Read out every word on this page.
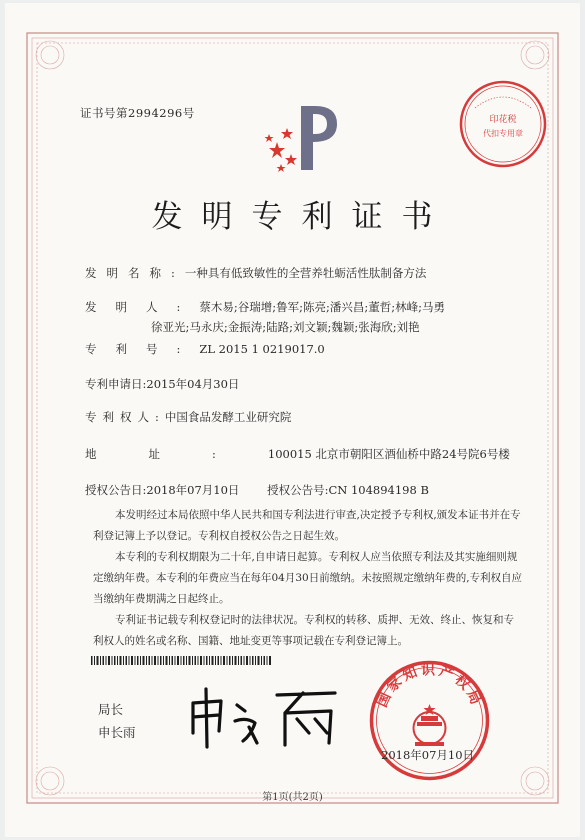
证书号第2994296号	印花税
代扣专用章
发明专利证书
发明名称:一种具有低致敏性的全营养牡蛎活性肽制备方法
发明人:蔡木易;谷瑞增;鲁军;陈亮;潘兴昌;董哲;林峰;马勇
徐亚光;马永庆;金振涛;陆路;刘文颖;魏颖;张海欣;刘艳
专利号:ZL 2015 1 0219017.0
专利申请日:2015年04月30日
专利权人:中国食品发酵工业研究院
地址:100015 北京市朝阳区酒仙桥中路24号院6号楼
授权公告日:2018年07月10日 授权公告号:CN 104894198 B

本发明经过本局依照中华人民共和国专利法进行审查,决定授予专利权,颁发本证书并在专利登记簿上予以登记。专利权自授权公告之日起生效。

本专利的专利权期限为二十年,自申请日起算。专利权人应当依照专利法及其实施细则规定缴纳年费。本专利的年费应当在每年04月30日前缴纳。未按照规定缴纳年费的,专利权自应当缴纳年费期满之日起终止。

专利证书记载专利权登记时的法律状况。专利权的转移、质押、无效、终止、恢复和专利权人的姓名或名称、国籍、地址变更等事项记载在专利登记簿上。

局长
申长雨
国家知识产权局
2018年07月10日
第1页(共2页)
